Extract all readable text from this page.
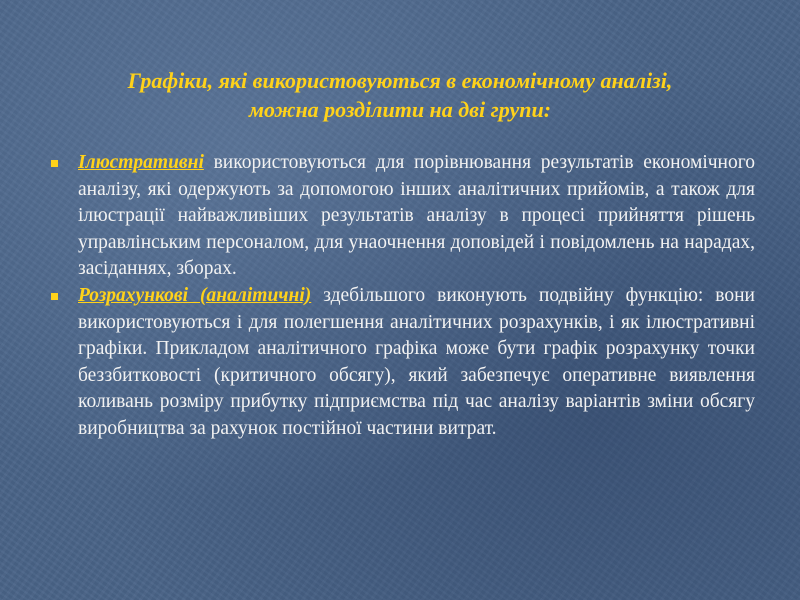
Графіки, які використовуються в економічному аналізі,
можна розділити на дві групи:
Ілюстративні використовуються для порівнювання результатів економічного аналізу, які одержують за допомогою інших аналітичних прийомів, а також для ілюстрації найважливіших результатів аналізу в процесі прийняття рішень управлінським персоналом, для унаочнення доповідей і повідомлень на нарадах, засіданнях, зборах.
Розрахункові (аналітичні) здебільшого виконують подвійну функцію: вони використовуються і для полегшення аналітичних розрахунків, і як ілюстративні графіки. Прикладом аналітичного графіка може бути графік розрахунку точки беззбитковості (критичного обсягу), який забезпечує оперативне виявлення коливань розміру прибутку підприємства під час аналізу варіантів зміни обсягу виробництва за рахунок постійної частини витрат.
